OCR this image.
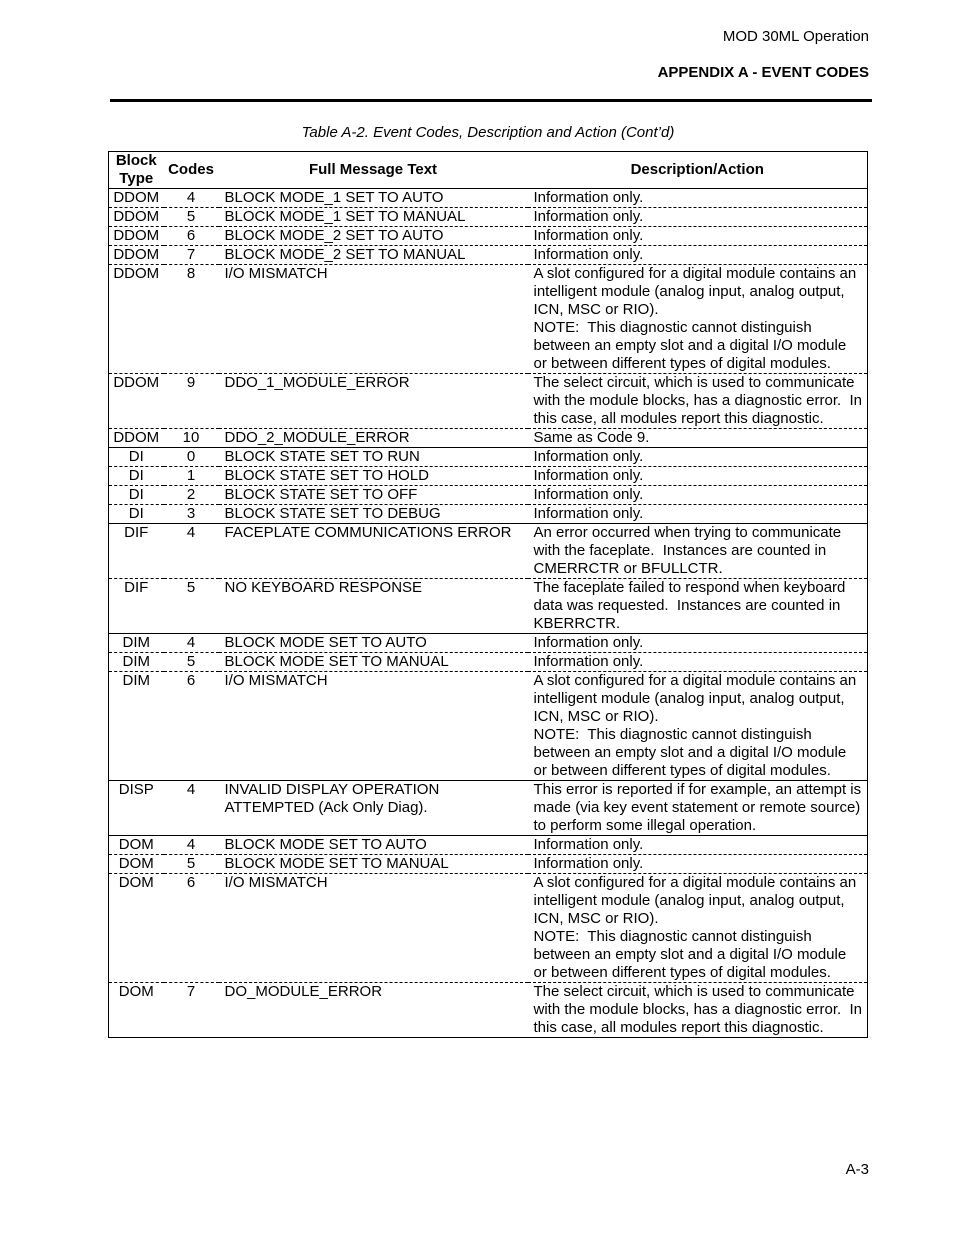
MOD 30ML Operation
APPENDIX A - EVENT CODES
Table A-2. Event Codes, Description and Action (Cont’d)
Block
Type	Codes	Full Message Text	Description/Action
DDOM	4	BLOCK MODE_1 SET TO AUTO	Information only.
DDOM	5	BLOCK MODE_1 SET TO MANUAL	Information only.
DDOM	6	BLOCK MODE_2 SET TO AUTO	Information only.
DDOM	7	BLOCK MODE_2 SET TO MANUAL	Information only.
DDOM	8	I/O MISMATCH	A slot configured for a digital module contains an intelligent module (analog input, analog output, ICN, MSC or RIO).
NOTE:  This diagnostic cannot distinguish between an empty slot and a digital I/O module or between different types of digital modules.
DDOM	9	DDO_1_MODULE_ERROR	The select circuit, which is used to communicate with the module blocks, has a diagnostic error.  In this case, all modules report this diagnostic.
DDOM	10	DDO_2_MODULE_ERROR	Same as Code 9.
DI	0	BLOCK STATE SET TO RUN	Information only.
DI	1	BLOCK STATE SET TO HOLD	Information only.
DI	2	BLOCK STATE SET TO OFF	Information only.
DI	3	BLOCK STATE SET TO DEBUG	Information only.
DIF	4	FACEPLATE COMMUNICATIONS ERROR	An error occurred when trying to communicate with the faceplate.  Instances are counted in CMERRCTR or BFULLCTR.
DIF	5	NO KEYBOARD RESPONSE	The faceplate failed to respond when keyboard data was requested.  Instances are counted in KBERRCTR.
DIM	4	BLOCK MODE SET TO AUTO	Information only.
DIM	5	BLOCK MODE SET TO MANUAL	Information only.
DIM	6	I/O MISMATCH	A slot configured for a digital module contains an intelligent module (analog input, analog output, ICN, MSC or RIO).
NOTE:  This diagnostic cannot distinguish between an empty slot and a digital I/O module or between different types of digital modules.
DISP	4	INVALID DISPLAY OPERATION ATTEMPTED (Ack Only Diag).	This error is reported if for example, an attempt is made (via key event statement or remote source) to perform some illegal operation.
DOM	4	BLOCK MODE SET TO AUTO	Information only.
DOM	5	BLOCK MODE SET TO MANUAL	Information only.
DOM	6	I/O MISMATCH	A slot configured for a digital module contains an intelligent module (analog input, analog output, ICN, MSC or RIO).
NOTE:  This diagnostic cannot distinguish between an empty slot and a digital I/O module or between different types of digital modules.
DOM	7	DO_MODULE_ERROR	The select circuit, which is used to communicate with the module blocks, has a diagnostic error.  In this case, all modules report this diagnostic.
A-3
